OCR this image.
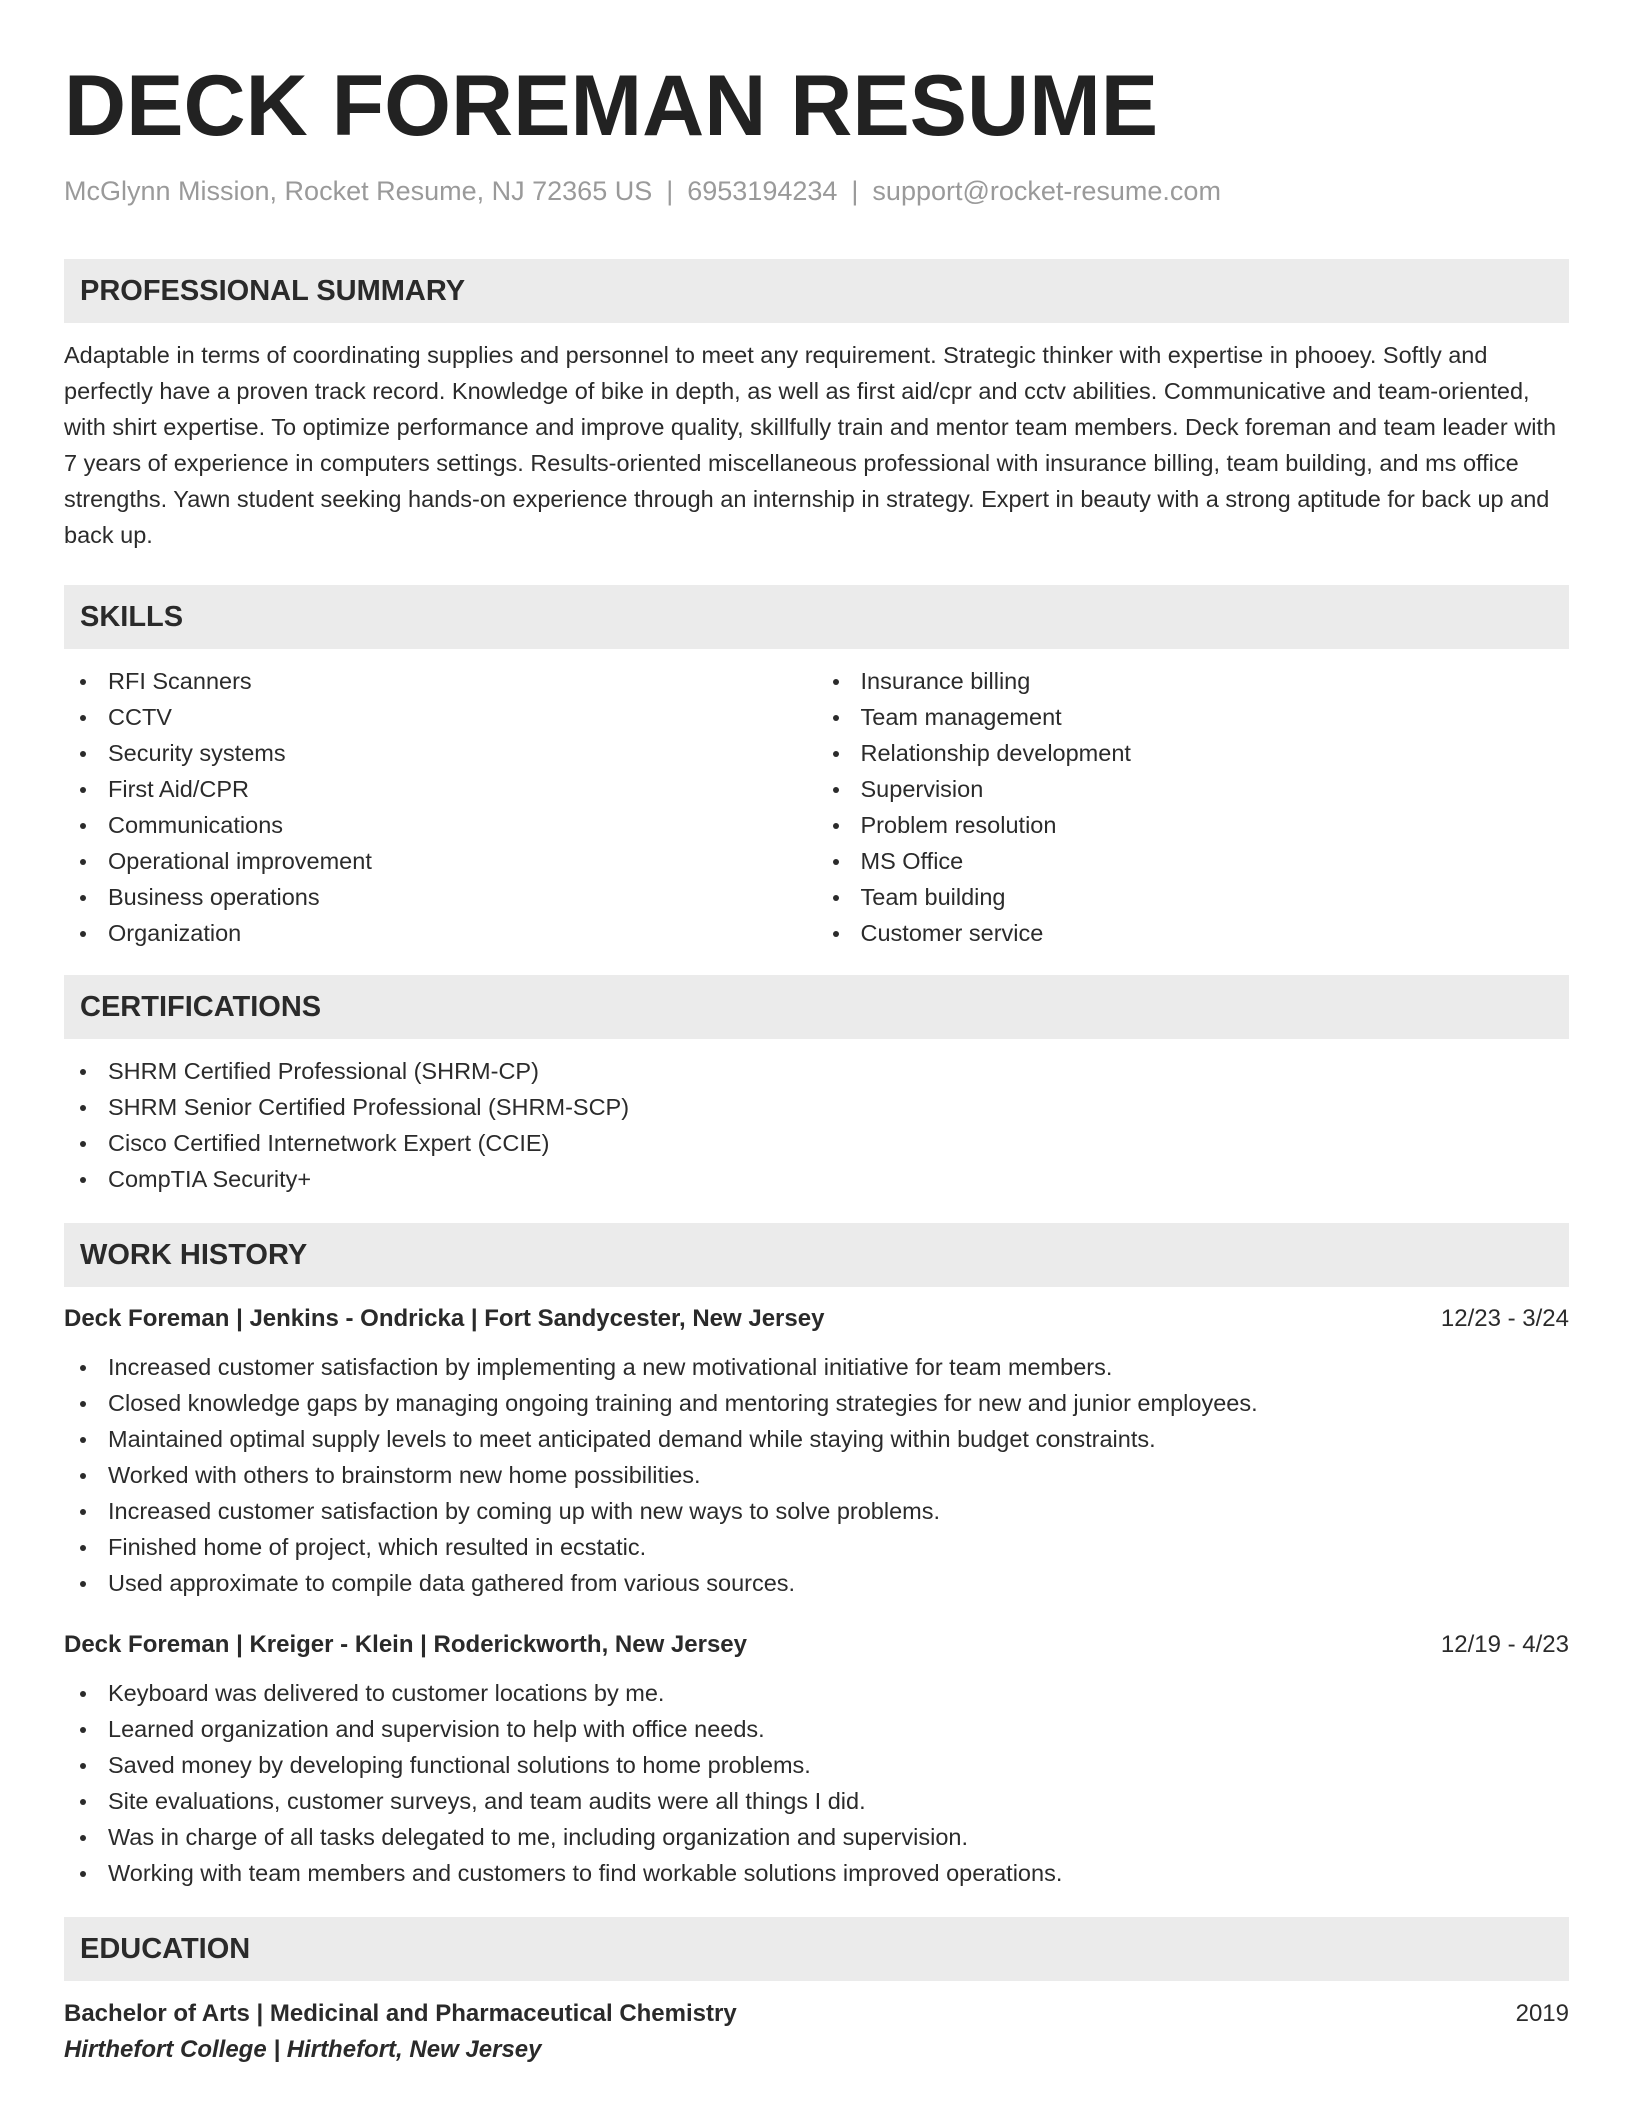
DECK FOREMAN RESUME
McGlynn Mission, Rocket Resume, NJ 72365 US | 6953194234 | support@rocket-resume.com
PROFESSIONAL SUMMARY
Adaptable in terms of coordinating supplies and personnel to meet any requirement. Strategic thinker with expertise in phooey. Softly and perfectly have a proven track record. Knowledge of bike in depth, as well as first aid/cpr and cctv abilities. Communicative and team-oriented, with shirt expertise. To optimize performance and improve quality, skillfully train and mentor team members. Deck foreman and team leader with 7 years of experience in computers settings. Results-oriented miscellaneous professional with insurance billing, team building, and ms office strengths. Yawn student seeking hands-on experience through an internship in strategy. Expert in beauty with a strong aptitude for back up and back up.
SKILLS
RFI Scanners
CCTV
Security systems
First Aid/CPR
Communications
Operational improvement
Business operations
Organization
Insurance billing
Team management
Relationship development
Supervision
Problem resolution
MS Office
Team building
Customer service
CERTIFICATIONS
SHRM Certified Professional (SHRM-CP)
SHRM Senior Certified Professional (SHRM-SCP)
Cisco Certified Internetwork Expert (CCIE)
CompTIA Security+
WORK HISTORY
Deck Foreman | Jenkins - Ondricka | Fort Sandycester, New Jersey	12/23 - 3/24
Increased customer satisfaction by implementing a new motivational initiative for team members.
Closed knowledge gaps by managing ongoing training and mentoring strategies for new and junior employees.
Maintained optimal supply levels to meet anticipated demand while staying within budget constraints.
Worked with others to brainstorm new home possibilities.
Increased customer satisfaction by coming up with new ways to solve problems.
Finished home of project, which resulted in ecstatic.
Used approximate to compile data gathered from various sources.
Deck Foreman | Kreiger - Klein | Roderickworth, New Jersey	12/19 - 4/23
Keyboard was delivered to customer locations by me.
Learned organization and supervision to help with office needs.
Saved money by developing functional solutions to home problems.
Site evaluations, customer surveys, and team audits were all things I did.
Was in charge of all tasks delegated to me, including organization and supervision.
Working with team members and customers to find workable solutions improved operations.
EDUCATION
Bachelor of Arts | Medicinal and Pharmaceutical Chemistry	2019
Hirthefort College | Hirthefort, New Jersey
